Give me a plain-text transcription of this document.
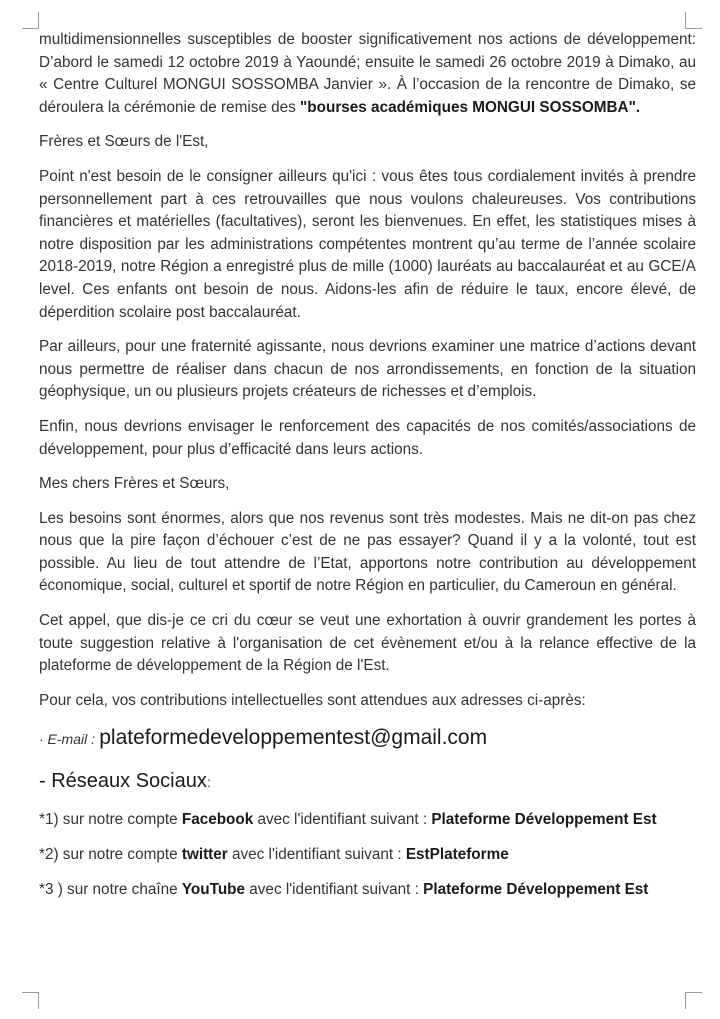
multidimensionnelles susceptibles de booster significativement nos actions de développement: D’abord le samedi 12 octobre 2019 à Yaoundé; ensuite le samedi 26 octobre 2019 à Dimako, au « Centre Culturel MONGUI SOSSOMBA Janvier ». À l’occasion de la rencontre de Dimako, se déroulera la cérémonie de remise des "bourses académiques MONGUI SOSSOMBA".

Frères et Sœurs de l'Est,

Point n'est besoin de le consigner ailleurs qu'ici : vous êtes tous cordialement invités à prendre personnellement part à ces retrouvailles que nous voulons chaleureuses. Vos contributions financières et matérielles (facultatives), seront les bienvenues. En effet, les statistiques mises à notre disposition par les administrations compétentes montrent qu’au terme de l’année scolaire 2018-2019, notre Région a enregistré plus de mille (1000) lauréats au baccalauréat et au GCE/A level. Ces enfants ont besoin de nous. Aidons-les afin de réduire le taux, encore élevé, de déperdition scolaire post baccalauréat.

Par ailleurs, pour une fraternité agissante, nous devrions examiner une matrice d’actions devant nous permettre de réaliser dans chacun de nos arrondissements, en fonction de la situation géophysique, un ou plusieurs projets créateurs de richesses et d’emplois.

Enfin, nous devrions envisager le renforcement des capacités de nos comités/associations de développement, pour plus d’efficacité dans leurs actions.

Mes chers Frères et Sœurs,

Les besoins sont énormes, alors que nos revenus sont très modestes. Mais ne dit-on pas chez nous que la pire façon d’échouer c’est de ne pas essayer? Quand il y a la volonté, tout est possible. Au lieu de tout attendre de l’Etat, apportons notre contribution au développement économique, social, culturel et sportif de notre Région en particulier, du Cameroun en général.

Cet appel, que dis-je ce cri du cœur se veut une exhortation à ouvrir grandement les portes à toute suggestion relative à l'organisation de cet évènement et/ou à la relance effective de la plateforme de développement de la Région de l'Est.

Pour cela, vos contributions intellectuelles sont attendues aux adresses ci-après:

· E-mail : plateformedeveloppementest@gmail.com
- Réseaux Sociaux:
*1) sur notre compte Facebook avec l'identifiant suivant : Plateforme Développement Est
*2) sur notre compte twitter avec l'identifiant suivant : EstPlateforme
*3 ) sur notre chaîne YouTube avec l'identifiant suivant : Plateforme Développement Est
